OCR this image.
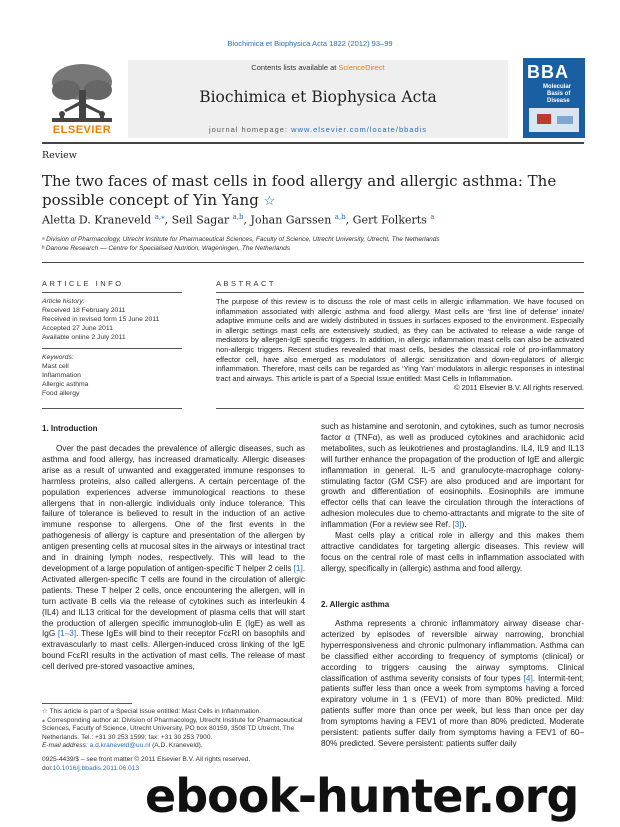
Biochimica et Biophysica Acta 1822 (2012) 93–99
ELSEVIER
Contents lists available at ScienceDirect
Biochimica et Biophysica Acta
journal homepage: www.elsevier.com/locate/bbadis
BBA
Molecular
Basis of
Disease
Review
The two faces of mast cells in food allergy and allergic asthma: The possible concept of Yin Yang ☆
Aletta D. Kraneveld $^{a,⁎}$, Seil Sagar $^{a,b}$, Johan Garssen $^{a,b}$, Gert Folkerts $^a$
ᵃ Division of Pharmacology, Utrecht Institute for Pharmaceutical Sciences, Faculty of Science, Utrecht University, Utrecht, The Netherlands
ᵇ Danone Research — Centre for Specialised Nutrition, Wageningen, The Netherlands
ARTICLE INFO
Article history:
Received 18 February 2011
Received in revised form 15 June 2011
Accepted 27 June 2011
Available online 2 July 2011
Keywords:
Mast cell
Inflammation
Allergic asthma
Food allergy
ABSTRACT
The purpose of this review is to discuss the role of mast cells in allergic inflammation. We have focused on inflammation associated with allergic asthma and food allergy. Mast cells are ‘first line of defense’ innate/ adaptive immune cells and are widely distributed in tissues in surfaces exposed to the environment. Especially in allergic settings mast cells are extensively studied, as they can be activated to release a wide range of mediators by allergen-IgE specific triggers. In addition, in allergic inflammation mast cells can also be activated non-allergic triggers. Recent studies revealed that mast cells, besides the classical role of pro-inflammatory effector cell, have also emerged as modulators of allergic sensitization and down-regulators of allergic inflammation. Therefore, mast cells can be regarded as ‘Ying Yan’ modulators in allergic responses in intestinal tract and airways. This article is part of a Special Issue entitled: Mast Cells in Inflammation.
© 2011 Elsevier B.V. All rights reserved.
1. Introduction

Over the past decades the prevalence of allergic diseases, such as asthma and food allergy, has increased dramatically. Allergic diseases arise as a result of unwanted and exaggerated immune responses to harmless proteins, also called allergens. A certain percentage of the population experiences adverse immunological reactions to these allergens that in non-allergic individuals only induce tolerance. This failure of tolerance is believed to result in the induction of an active immune response to allergens. One of the first events in the pathogenesis of allergy is capture and presentation of the allergen by antigen presenting cells at mucosal sites in the airways or intestinal tract and in draining lymph nodes, respectively. This will lead to the development of a large population of antigen-specific T helper 2 cells [1]. Activated allergen-specific T cells are found in the circulation of allergic patients. These T helper 2 cells, once encountering the allergen, will in turn activate B cells via the release of cytokines such as interleukin 4 (IL4) and IL13 critical for the development of plasma cells that will start the production of allergen specific immunoglob-ulin E (IgE) as well as IgG [1–3]. These IgEs will bind to their receptor FcεRI on basophils and extravascularly to mast cells. Allergen-induced cross linking of the IgE bound FcεRI results in the activation of mast cells. The release of mast cell derived pre-stored vasoactive amines,

☆ This article is part of a Special Issue entitled: Mast Cells in Inflammation.
⁎ Corresponding author at: Division of Pharmacology, Utrecht Institute for Pharmaceutical Sciences, Faculty of Science, Utrecht University, PO box 80159, 3508 TD Utrecht, The Netherlands. Tel.: +31 30 253 1599; fax: +31 30 253 7900.
E-mail address: a.d.kraneveld@uu.nl (A.D. Kraneveld).
0925-4439/$ – see front matter © 2011 Elsevier B.V. All rights reserved.
doi:10.1016/j.bbadis.2011.06.013

such as histamine and serotonin, and cytokines, such as tumor necrosis factor α (TNFα), as well as produced cytokines and arachidonic acid metabolites, such as leukotrienes and prostaglandins. IL4, IL9 and IL13 will further enhance the propagation of the production of IgE and allergic inflammation in general. IL-5 and granulocyte-macrophage colony-stimulating factor (GM CSF) are also produced and are important for growth and differentiation of eosinophils. Eosinophils are immune effector cells that can leave the circulation through the interactions of adhesion molecules due to chemo-attractants and migrate to the site of inflammation (For a review see Ref. [3]).

Mast cells play a critical role in allergy and this makes them attractive candidates for targeting allergic diseases. This review will focus on the central role of mast cells in inflammation associated with allergy, specifically in (allergic) asthma and food allergy.

2. Allergic asthma

Asthma represents a chronic inflammatory airway disease char-acterized by episodes of reversible airway narrowing, bronchial hyperresponsiveness and chronic pulmonary inflammation. Asthma can be classified either according to frequency of symptoms (clinical) or according to triggers causing the airway symptoms. Clinical classification of asthma severity consists of four types [4]. Intermit-tent; patients suffer less than once a week from symptoms having a forced expiratory volume in 1 s (FEV1) of more than 80% predicted. Mild: patients suffer more than once per week, but less than once per day from symptoms having a FEV1 of more than 80% predicted. Moderate persistent: patients suffer daily from symptoms having a FEV1 of 60–80% predicted. Severe persistent: patients suffer daily

ebook-hunter.org
